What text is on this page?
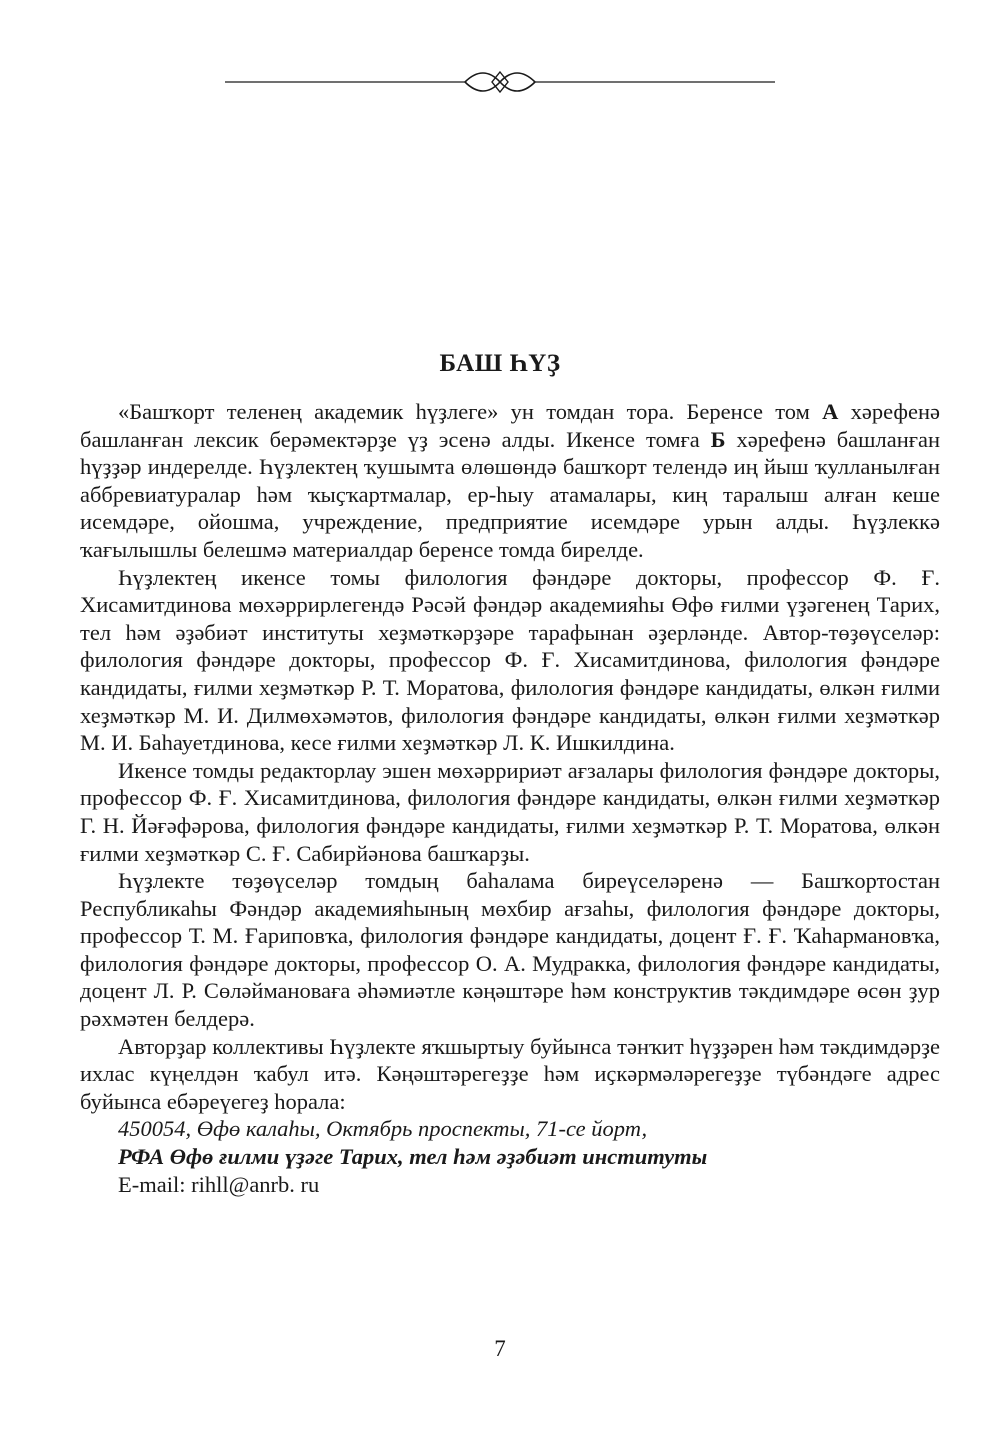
БАШ ҺҮҘ

«Башҡорт теленең академик һүҙлеге» ун томдан тора. Беренсе том А хәрефенә башланған лексик берәмектәрҙе үҙ эсенә алды. Икенсе томға Б хәрефенә башланған һүҙҙәр индерелде. Һүҙлектең ҡушымта өлөшөндә башҡорт телендә иң йыш ҡулланылған аббревиатуралар һәм ҡыҫҡартмалар, ер-һыу атамалары, киң таралыш алған кеше исемдәре, ойошма, учреждение, предприятие исемдәре урын алды. Һүҙлеккә ҡағылышлы белешмә материалдар беренсе томда бирелде.

Һүҙлектең икенсе томы филология фәндәре докторы, профессор Ф. Ғ. Хисамитдинова мөхәррирлегендә Рәсәй фәндәр академияһы Өфө ғилми үҙәгенең Тарих, тел һәм әҙәбиәт институты хеҙмәткәрҙәре тарафынан әҙерләнде. Автор-төҙөүселәр: филология фәндәре докторы, профессор Ф. Ғ. Хисамитдинова, филология фәндәре кандидаты, ғилми хеҙмәткәр Р. Т. Моратова, филология фәндәре кандидаты, өлкән ғилми хеҙмәткәр М. И. Дилмөхәмәтов, филология фәндәре кандидаты, өлкән ғилми хеҙмәткәр М. И. Баһауетдинова, кесе ғилми хеҙмәткәр Л. К. Ишкилдина.

Икенсе томды редакторлау эшен мөхәрририәт ағзалары филология фәндәре докторы, профессор Ф. Ғ. Хисамитдинова, филология фәндәре кандидаты, өлкән ғилми хеҙмәткәр Г. Н. Йәғәфәрова, филология фәндәре кандидаты, ғилми хеҙмәткәр Р. Т. Моратова, өлкән ғилми хеҙмәткәр С. Ғ. Сабирйәнова башҡарҙы.

Һүҙлекте төҙөүселәр томдың баһалама биреүселәренә — Башҡортостан Республикаһы Фәндәр академияһының мөхбир ағзаһы, филология фәндәре докторы, профессор Т. М. Ғариповҡа, филология фәндәре кандидаты, доцент Ғ. Ғ. Ҡаһармановҡа, филология фәндәре докторы, профессор О. А. Мудракка, филология фәндәре кандидаты, доцент Л. Р. Сөләймановаға әһәмиәтле кәңәштәре һәм конструктив тәкдимдәре өсөн ҙур рәхмәтен белдерә.

Авторҙар коллективы Һүҙлекте яҡшыртыу буйынса тәнҡит һүҙҙәрен һәм тәкдимдәрҙе ихлас күңелдән ҡабул итә. Кәңәштәрегеҙҙе һәм иҫкәрмәләрегеҙҙе түбәндәге адрес буйынса ебәреүегеҙ һорала:

450054, Өфө калаһы, Октябрь проспекты, 71-се йорт,
РФА Өфө ғилми үҙәге Тарих, тел һәм әҙәбиәт институты
E-mail: rihll@anrb. ru
7
